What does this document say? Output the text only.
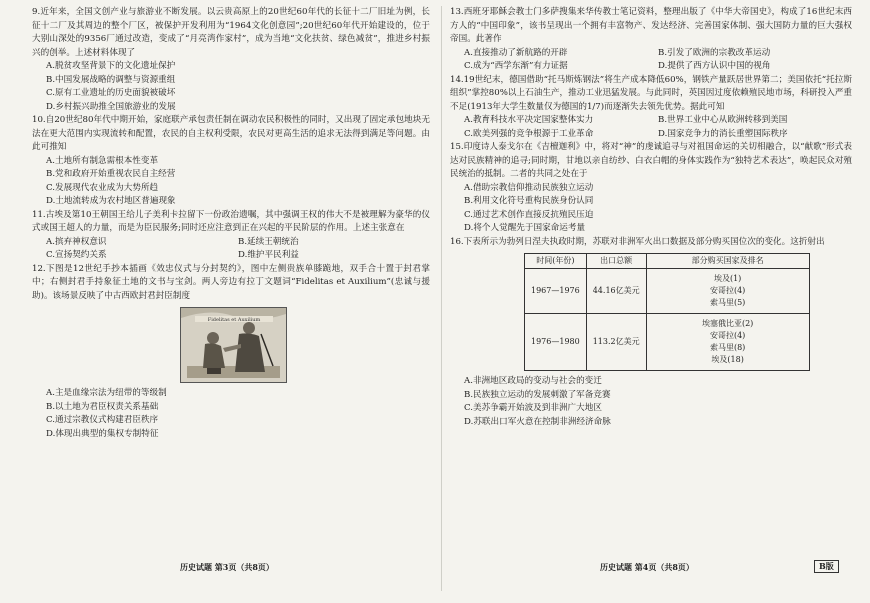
9.近年来，全国文创产业与旅游业不断发展。以云贵高原上的20世纪60年代的长征十二厂旧址为例，长征十二厂及其周边的整个厂区，被保护开发利用为“1964文化创意园”;20世纪60年代开始建设的，位于大别山深处的9356厂通过改造，变成了“月亮湾作家村”，成为当地“文化扶贫、绿色减贫”，推进乡村振兴的创举。上述材料体现了

A.脱贫攻坚背景下的文化遗址保护

B.中国发展战略的调整与资源重组

C.原有工业遗址的历史面貌被破坏

D.乡村振兴助推全国旅游业的发展

10.自20世纪80年代中期开始，家庭联产承包责任制在调动农民积极性的同时，又出现了固定承包地块无法在更大范围内实现流转和配置，农民的自主权利受限，农民对更高生活的追求无法得到满足等问题。由此可推知

A.土地所有制急需根本性变革

B.党和政府开始重视农民自主经营

C.发展现代农业成为大势所趋

D.土地流转成为农村地区普遍现象

11.古埃及第10王朝国王给儿子美利卡拉留下一份政治遗嘱，其中强调王权的伟大不是被理解为豪华的仪式或国王超人的力量，而是为臣民服务;同时还应注意到正在兴起的平民阶层的作用。上述主张意在

A.摈弃神权意识	B.延续王朝统治
C.宣扬契约关系	D.维护平民利益

12.下图是12世纪手抄本插画《效忠仪式与分封契约》，图中左侧贵族单膝跪地，双手合十置于封君掌中；右侧封君手持象征土地的文书与宝剑。两人旁边有拉丁文题词“Fidelitas et Auxilium”(忠诚与援助)。该场景反映了中古西欧封君封臣制度

Fidelitas et Auxilium

A.主是血缘宗法为纽带的等级制

B.以土地为君臣权责关系基础

C.通过宗教仪式构建君臣秩序

D.体现出典型的集权专制特征

13.西班牙耶稣会教士门多萨搜集来华传教士笔记资料，整理出版了《中华大帝国史》，构成了16世纪末西方人的“中国印象”，该书呈现出一个拥有丰富物产、发达经济、完善国家体制、强大国防力量的巨大强权帝国。此著作

A.直接推动了新航路的开辟	B.引发了欧洲的宗教改革运动
C.成为“西学东渐”有力证据	D.提供了西方认识中国的视角

14.19世纪末，德国借助“托马斯炼钢法”将生产成本降低60%，钢铁产量跃居世界第二；美国依托“托拉斯组织”掌控80%以上石油生产，推动工业迅猛发展。与此同时，英国因过度依赖殖民地市场，科研投入严重不足(1913年大学生数量仅为德国的1/7)而逐渐失去领先优势。据此可知

A.教育科技水平决定国家整体实力	B.世界工业中心从欧洲转移到美国
C.欧美列强的竞争根源于工业革命	D.国家竞争力的消长重塑国际秩序

15.印度诗人泰戈尔在《吉檀迦利》中，将对“神”的虔诚追寻与对祖国命运的关切相融合，以“献歌”形式表达对民族精神的追寻;同时期，甘地以亲自纺纱、白衣白帽的身体实践作为“独特艺术表达”，唤起民众对殖民统治的抵制。二者的共同之处在于

A.借助宗教信仰推动民族独立运动

B.利用文化符号重构民族身份认同

C.通过艺术创作直接反抗殖民压迫

D.将个人觉醒先于国家命运考量

16.下表所示为勃列日涅夫执政时期，苏联对非洲军火出口数据及部分购买国位次的变化。这折射出

时间(年份)	出口总额	部分购买国家及排名
1967—1976	44.16亿美元	埃及(1)
安哥拉(4)
索马里(5)

1976—1980	113.2亿美元	埃塞俄比亚(2)
安哥拉(4)
索马里(8)
埃及(18)

A.非洲地区政局的变动与社会的变迁

B.民族独立运动的发展刺激了军备竞赛

C.美苏争霸开始波及到非洲广大地区

D.苏联出口军火意在控制非洲经济命脉

历史试题 第3页（共8页）	历史试题 第4页（共8页）	B版
